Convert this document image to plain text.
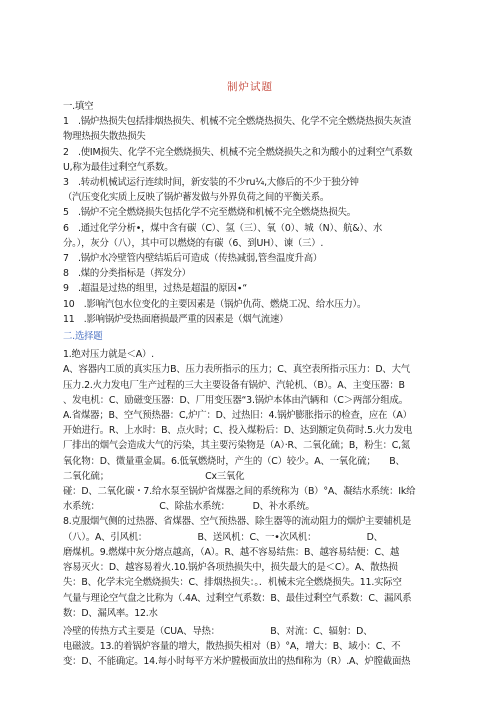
制炉试题
一.填空
1　.锅炉热损失包括排烟热损失、机械不完全燃烧热损失、化学不完全燃烧热损失灰渣
物理热损失散热损失
2　.使IM损失、化学不完全燃烧损失、机械不完全燃烧损失之和为酸小的过剩空气系数
U,称为最佳过剩空气系数。
3　.转动机械试运行连续时间，新安装的不少ru¼,大修后的不少于独分钟
（汽压变化实质上反映了锅炉蓄发做与外界负荷之间的平衡关系。
5　.锅炉不完全燃烧损失包括化学不完至燃烧和机械不完全燃烧热损失。
6　.通过化学分析•，煤中含有碳（C）、氢（三）、氧（0）、城（N）、航&）、水
分。），灰分（八），其中可以燃烧的有碳（6、到UH）、谏（三）.
7　.锅炉水冷壁管内壁结垢后可造成（传热减弱,管叁温度升高）
8　.煤的分类指标是（挥发分）
9　.超温是过热的组里，过热是超温的原因∙“
10　.影响汽包水位变化的主要因素是（锅炉仇荷、燃烧工况、给水压力）。
11　.影响锅炉受热面磨损最严重的因素是（烟气流速）
二.选择题
1.绝对压力就是＜A）.
A、容器内工质的真实压力B、压力表所指示的压力；C、真空表所指示压力：D、大气
压力.2.火力发电厂生产过程的三大主要设备有锅炉、汽轮机、（B）。A、主变压器：B
、发电机：C、励磁变压器：D、厂用变压器“3.锅炉本体由汽辆和（C＞两部分组成。
A.省煤器；B、空气预热器：C,炉广：D、过热旧：4.锅炉膨胀指示的检查，应在（A）
开始进行。R、上水时：B、点火时；C、投入煤粉后：D、达到额定负荷时.5.火力发电
厂排出的烟气会造成大气的污染，其主要污染物是（A）·R、二氧化硫；B，粉生：C,氮
氧化物：D、微量重金属。6.低氧燃烧时，产生的（C）较少。A、一氧化硫；　　B、
二氧化硫；　　　　　　　　　　　Cx三氧化
碰：D、二氧化碳・7.给水泵至锅炉省煤器之间的系统称为（B）°A、凝结水系统：Ik给
水系统：　　　　　　　C、除盐水系统：　　　D、补水系统。
8.克服烟气侧的过热器、省煤器、空气预热器、除生器等的流动阻力的烟炉主要辅机是
（八）。A、引风机：　　　　　　B、送风机：C、一•次风机：　　　　　　D、
磨煤机。9.燃煤中灰分熔点越高，（A）。R、越不容易结焦：B、越容易结便：C、越
容易灭火：D、越容易着火.10.锅炉各项热损失中，损失最大的是＜C）。A、散热损
失：B、化学未完全燃烧损失：C、排烟热损失：。．机械未完全燃烧损失。11.实际空
气量与理论空气盘之比称为（.4A、过剩空气系数：B、最佳过剩空气系数：C、漏风系
数：D、漏风率。12.水
冷壁的传热方式主要是（CUA、导热：　　　　　　B、对流：C、辐射：D、
电磁波。13.的着锅炉容量的增大，散热损失相对（B）°A，增大：B、域小：C、不
变：D、不能确定。14.每小时每平方米炉膛极面放出的热fil称为（R）.A、炉膛截面热
